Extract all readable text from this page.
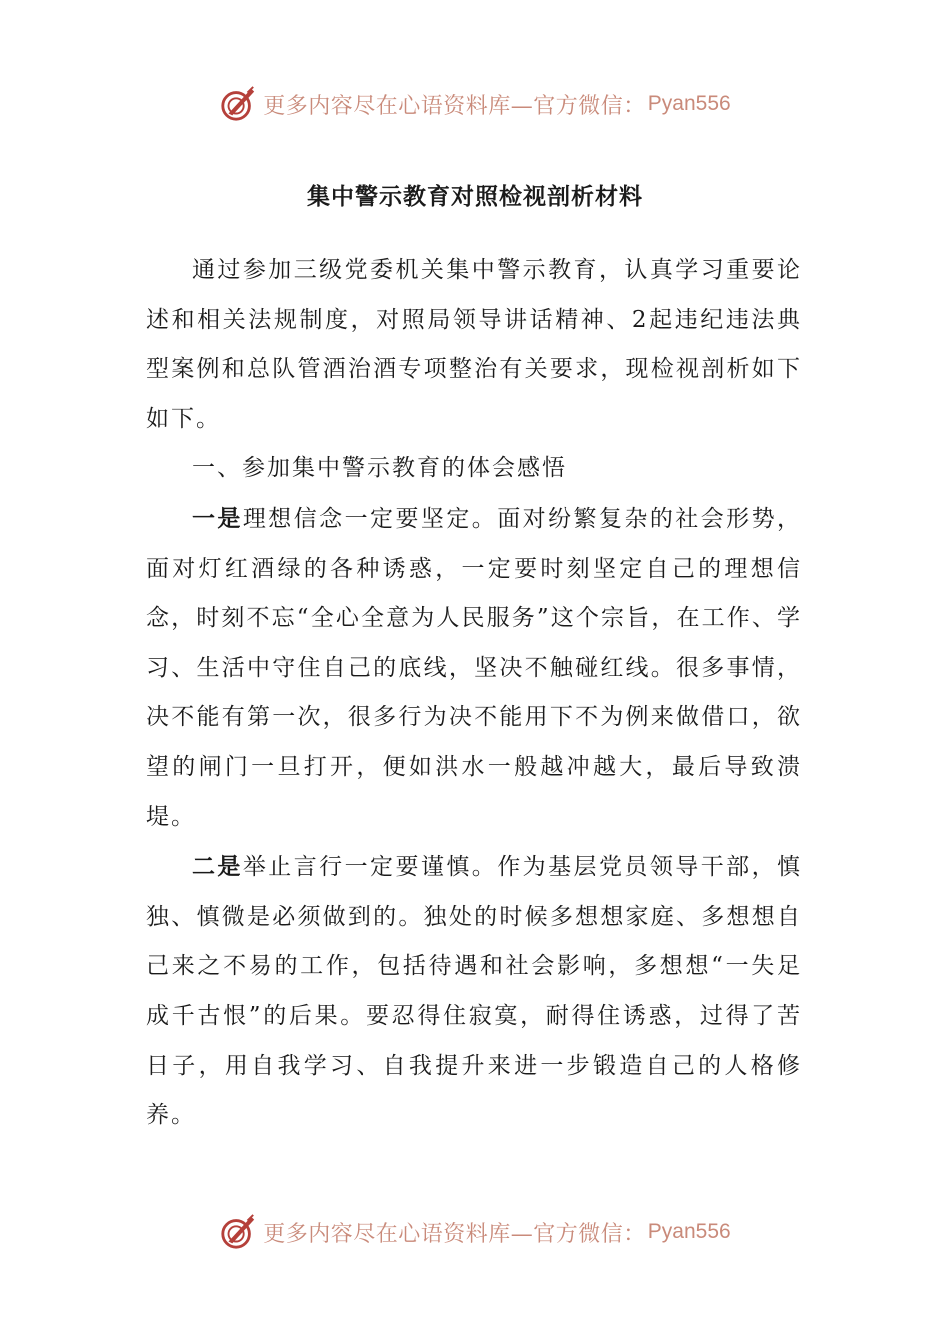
更多内容尽在心语资料库—官方微信： Pyan556
集中警示教育对照检视剖析材料

通过参加三级党委机关集中警示教育，认真学习重要论述和相关法规制度，对照局领导讲话精神、2起违纪违法典型案例和总队管酒治酒专项整治有关要求，现检视剖析如下如下。

一、参加集中警示教育的体会感悟

一是理想信念一定要坚定。面对纷繁复杂的社会形势，面对灯红酒绿的各种诱惑，一定要时刻坚定自己的理想信念，时刻不忘“全心全意为人民服务”这个宗旨，在工作、学习、生活中守住自己的底线，坚决不触碰红线。很多事情，决不能有第一次，很多行为决不能用下不为例来做借口，欲望的闸门一旦打开，便如洪水一般越冲越大，最后导致溃堤。

二是举止言行一定要谨慎。作为基层党员领导干部，慎独、慎微是必须做到的。独处的时候多想想家庭、多想想自己来之不易的工作，包括待遇和社会影响，多想想“一失足成千古恨”的后果。要忍得住寂寞，耐得住诱惑，过得了苦日子，用自我学习、自我提升来进一步锻造自己的人格修养。

更多内容尽在心语资料库—官方微信： Pyan556
